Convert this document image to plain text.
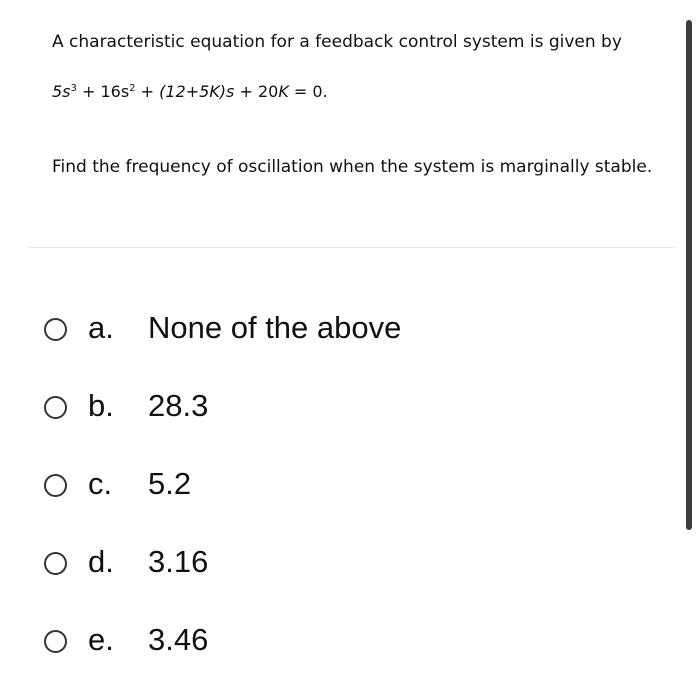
A characteristic equation for a feedback control system is given by
$5s^3 + 16s^2 + (12+5K)s + 20K = 0$.
Find the frequency of oscillation when the system is marginally stable.
a. None of the above
b. 28.3
c. 5.2
d. 3.16
e. 3.46
